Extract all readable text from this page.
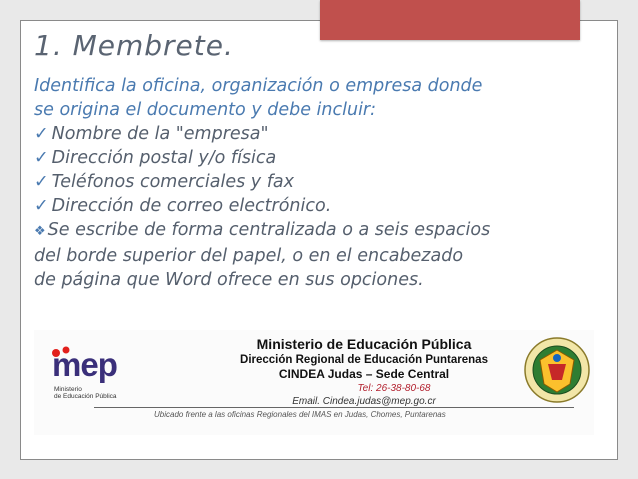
1. Membrete.
Identifica la oficina, organización o empresa donde
se origina el documento y debe incluir:
✓ Nombre de la "empresa"
✓ Dirección postal y/o física
✓ Teléfonos comerciales y fax
✓ Dirección de correo electrónico.
❖ Se escribe de forma centralizada o a seis espacios
del borde superior del papel, o en el encabezado
de página que Word ofrece en sus opciones.
mep
Ministerio
de Educación Pública
Ministerio de Educación Pública
Dirección Regional de Educación Puntarenas
CINDEA Judas – Sede Central
Tel: 26-38-80-68
Email. Cindea.judas@mep.go.cr
Ubicado frente a las oficinas Regionales del IMAS en Judas, Chomes, Puntarenas
